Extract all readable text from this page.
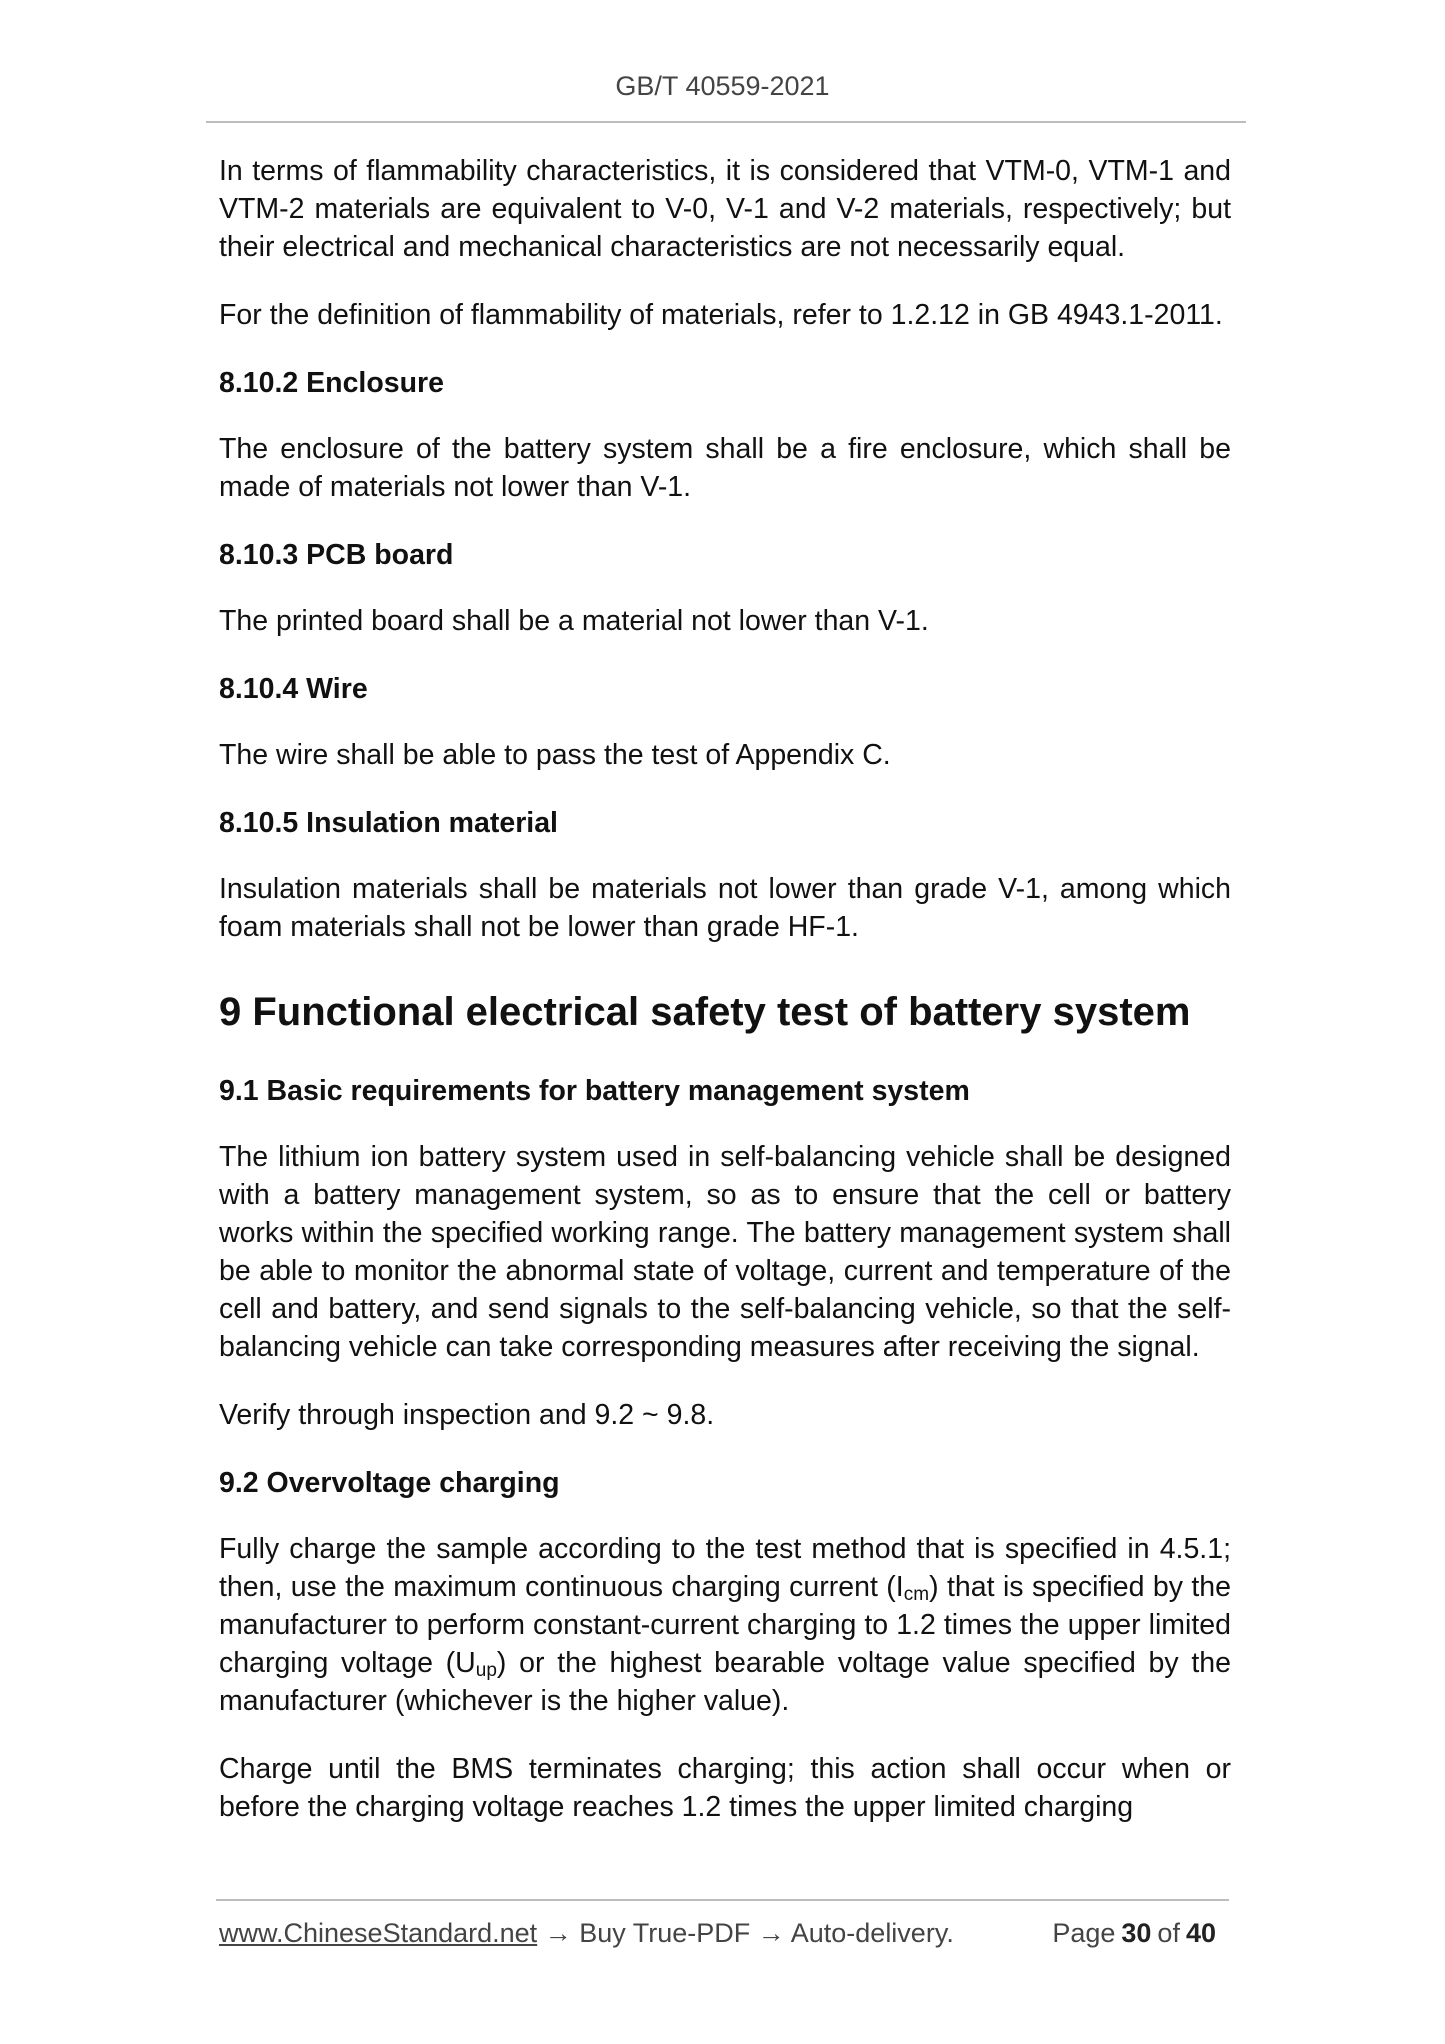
GB/T 40559-2021

In terms of flammability characteristics, it is considered that VTM-0, VTM-1 and VTM-2 materials are equivalent to V-0, V-1 and V-2 materials, respectively; but their electrical and mechanical characteristics are not necessarily equal.

For the definition of flammability of materials, refer to 1.2.12 in GB 4943.1-2011.

8.10.2 Enclosure

The enclosure of the battery system shall be a fire enclosure, which shall be made of materials not lower than V-1.

8.10.3 PCB board

The printed board shall be a material not lower than V-1.

8.10.4 Wire

The wire shall be able to pass the test of Appendix C.

8.10.5 Insulation material

Insulation materials shall be materials not lower than grade V-1, among which foam materials shall not be lower than grade HF-1.

9 Functional electrical safety test of battery system
9.1 Basic requirements for battery management system

The lithium ion battery system used in self-balancing vehicle shall be designed with a battery management system, so as to ensure that the cell or battery works within the specified working range. The battery management system shall be able to monitor the abnormal state of voltage, current and temperature of the cell and battery, and send signals to the self-balancing vehicle, so that the self-balancing vehicle can take corresponding measures after receiving the signal.

Verify through inspection and 9.2 ~ 9.8.

9.2 Overvoltage charging

Fully charge the sample according to the test method that is specified in 4.5.1; then, use the maximum continuous charging current $(I_{cm})$ that is specified by the manufacturer to perform constant-current charging to 1.2 times the upper limited charging voltage $(U_{up})$ or the highest bearable voltage value specified by the manufacturer (whichever is the higher value).

Charge until the BMS terminates charging; this action shall occur when or before the charging voltage reaches 1.2 times the upper limited charging

www.ChineseStandard.net → Buy True-PDF → Auto-delivery.	Page 30 of 40
